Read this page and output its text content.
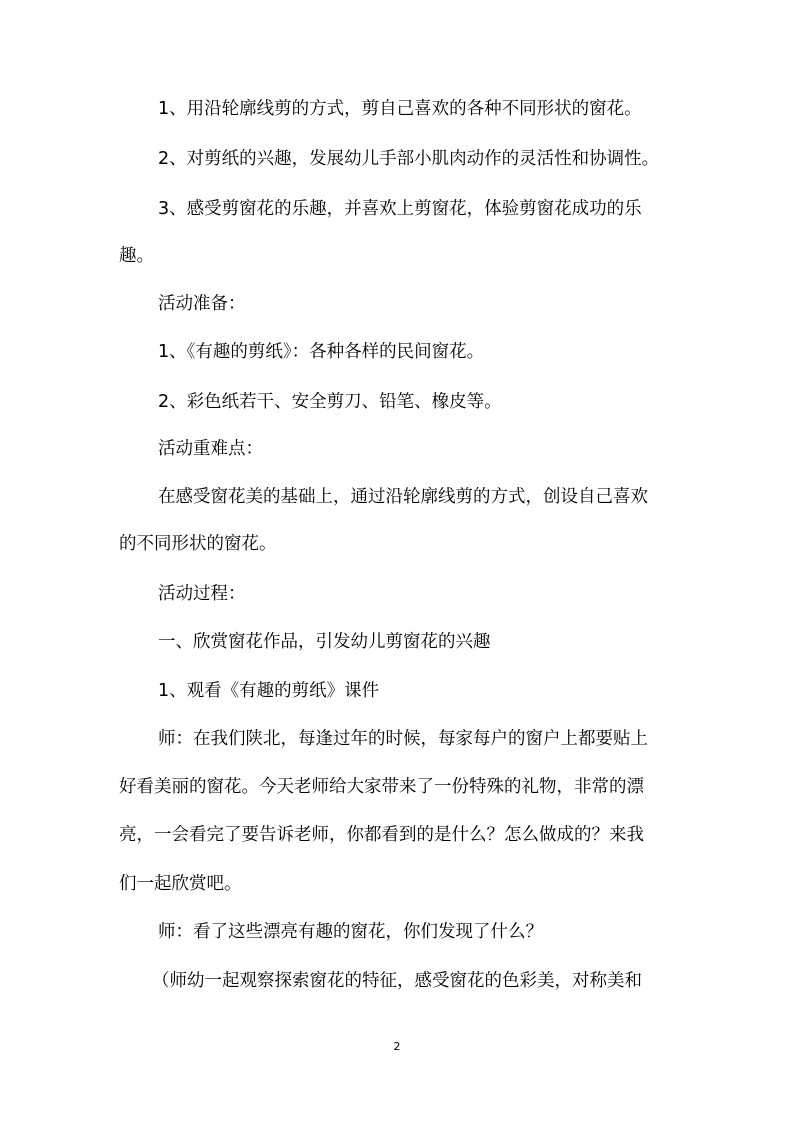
1、用沿轮廓线剪的方式，剪自己喜欢的各种不同形状的窗花。
2、对剪纸的兴趣，发展幼儿手部小肌肉动作的灵活性和协调性。
3、感受剪窗花的乐趣，并喜欢上剪窗花，体验剪窗花成功的乐
趣。
活动准备：
1、《有趣的剪纸》：各种各样的民间窗花。
2、彩色纸若干、安全剪刀、铅笔、橡皮等。
活动重难点：
在感受窗花美的基础上，通过沿轮廓线剪的方式，创设自己喜欢
的不同形状的窗花。
活动过程：
一、欣赏窗花作品，引发幼儿剪窗花的兴趣
1、观看《有趣的剪纸》课件
师：在我们陕北，每逢过年的时候，每家每户的窗户上都要贴上
好看美丽的窗花。今天老师给大家带来了一份特殊的礼物，非常的漂
亮，一会看完了要告诉老师，你都看到的是什么？怎么做成的？来我
们一起欣赏吧。
师：看了这些漂亮有趣的窗花，你们发现了什么？
（师幼一起观察探索窗花的特征，感受窗花的色彩美，对称美和
2
